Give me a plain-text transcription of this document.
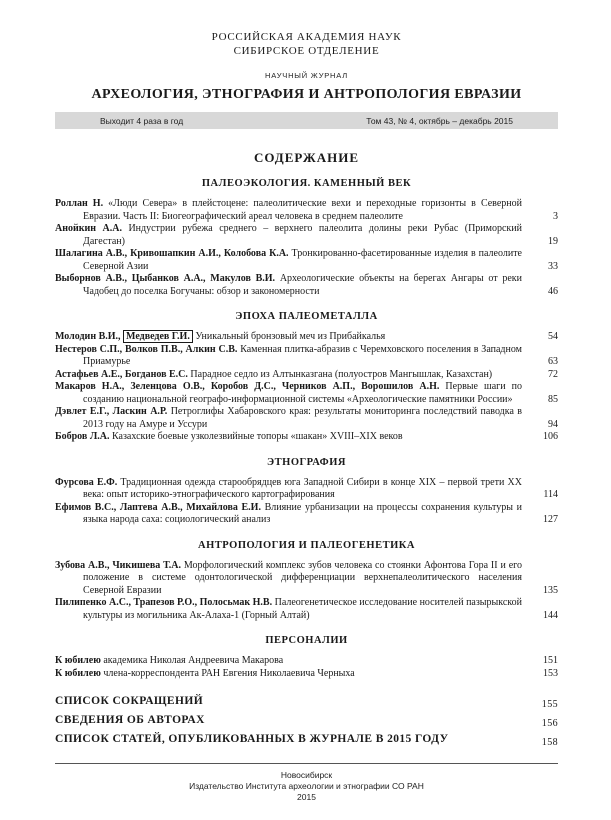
РОССИЙСКАЯ АКАДЕМИЯ НАУК
СИБИРСКОЕ ОТДЕЛЕНИЕ
НАУЧНЫЙ ЖУРНАЛ
АРХЕОЛОГИЯ, ЭТНОГРАФИЯ И АНТРОПОЛОГИЯ ЕВРАЗИИ
Выходит 4 раза в год	Том 43, № 4, октябрь – декабрь 2015
СОДЕРЖАНИЕ
ПАЛЕОЭКОЛОГИЯ. КАМЕННЫЙ ВЕК
Роллан Н. «Люди Севера» в плейстоцене: палеолитические вехи и переходные горизонты в Северной Евразии. Часть II: Биогеографический ареал человека в среднем палеолите	3
Анойкин А.А. Индустрии рубежа среднего – верхнего палеолита долины реки Рубас (Приморский Дагестан)	19
Шалагина А.В., Кривошапкин А.И., Колобова К.А. Тронкированно-фасетированные изделия в палеолите Северной Азии	33
Выборнов А.В., Цыбанков А.А., Макулов В.И. Археологические объекты на берегах Ангары от реки Чадобец до поселка Богучаны: обзор и закономерности	46
ЭПОХА ПАЛЕОМЕТАЛЛА
Молодин В.И., Медведев Г.И. Уникальный бронзовый меч из Прибайкалья	54
Нестеров С.П., Волков П.В., Алкин С.В. Каменная плитка-абразив с Черемховского поселения в Западном Приамурье	63
Астафьев А.Е., Богданов Е.С. Парадное седло из Алтынказгана (полуостров Мангышлак, Казахстан)	72
Макаров Н.А., Зеленцова О.В., Коробов Д.С., Черников А.П., Ворошилов А.Н. Первые шаги по созданию национальной географо-информационной системы «Археологические памятники России»	85
Дэвлет Е.Г., Ласкин А.Р. Петроглифы Хабаровского края: результаты мониторинга последствий паводка в 2013 году на Амуре и Уссури	94
Бобров Л.А. Казахские боевые узколезвийные топоры «шакан» XVIII–XIX веков	106
ЭТНОГРАФИЯ
Фурсова Е.Ф. Традиционная одежда старообрядцев юга Западной Сибири в конце XIX – первой трети XX века: опыт историко-этнографического картографирования	114
Ефимов В.С., Лаптева А.В., Михайлова Е.И. Влияние урбанизации на процессы сохранения культуры и языка народа саха: социологический анализ	127
АНТРОПОЛОГИЯ И ПАЛЕОГЕНЕТИКА
Зубова А.В., Чикишева Т.А. Морфологический комплекс зубов человека со стоянки Афонтова Гора II и его положение в системе одонтологической дифференциации верхнепалеолитического населения Северной Евразии	135
Пилипенко А.С., Трапезов Р.О., Полосьмак Н.В. Палеогенетическое исследование носителей пазырыкской культуры из могильника Ак-Алаха-1 (Горный Алтай)	144
ПЕРСОНАЛИИ
К юбилею академика Николая Андреевича Макарова	151
К юбилею члена-корреспондента РАН Евгения Николаевича Черныха	153
СПИСОК СОКРАЩЕНИЙ	155
СВЕДЕНИЯ ОБ АВТОРАХ	156
СПИСОК СТАТЕЙ, ОПУБЛИКОВАННЫХ В ЖУРНАЛЕ В 2015 ГОДУ	158
Новосибирск
Издательство Института археологии и этнографии СО РАН
2015
